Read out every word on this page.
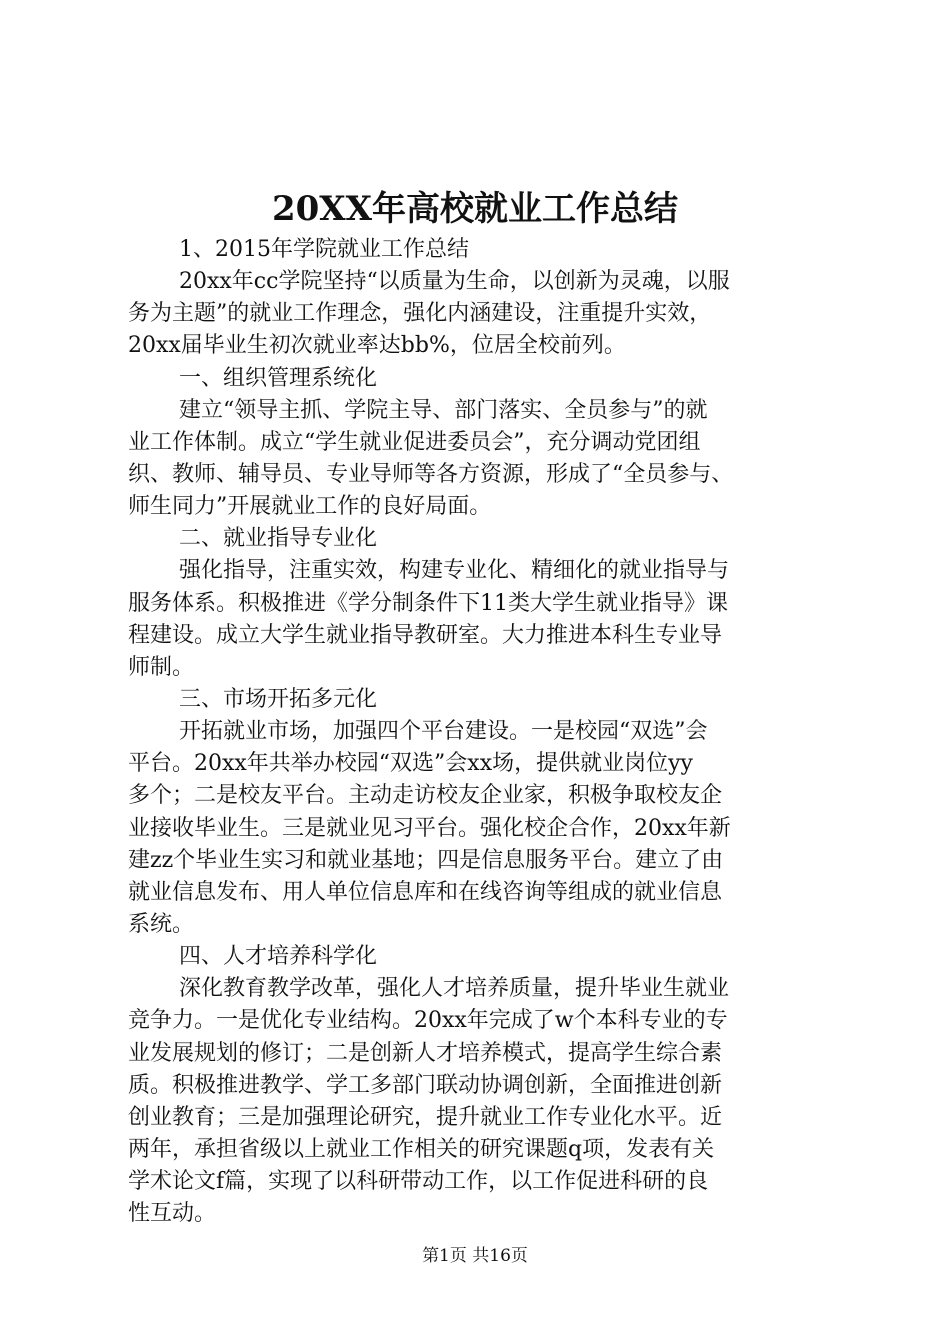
20XX年高校就业工作总结
1、2015年学院就业工作总结
20xx年cc学院坚持“以质量为生命，以创新为灵魂，以服
务为主题”的就业工作理念，强化内涵建设，注重提升实效，
20xx届毕业生初次就业率达bb%，位居全校前列。
一、组织管理系统化
建立“领导主抓、学院主导、部门落实、全员参与”的就
业工作体制。成立“学生就业促进委员会”，充分调动党团组
织、教师、辅导员、专业导师等各方资源，形成了“全员参与、
师生同力”开展就业工作的良好局面。
二、就业指导专业化
强化指导，注重实效，构建专业化、精细化的就业指导与
服务体系。积极推进《学分制条件下11类大学生就业指导》课
程建设。成立大学生就业指导教研室。大力推进本科生专业导
师制。
三、市场开拓多元化
开拓就业市场，加强四个平台建设。一是校园“双选”会
平台。20xx年共举办校园“双选”会xx场，提供就业岗位yy
多个；二是校友平台。主动走访校友企业家，积极争取校友企
业接收毕业生。三是就业见习平台。强化校企合作，20xx年新
建zz个毕业生实习和就业基地；四是信息服务平台。建立了由
就业信息发布、用人单位信息库和在线咨询等组成的就业信息
系统。
四、人才培养科学化
深化教育教学改革，强化人才培养质量，提升毕业生就业
竞争力。一是优化专业结构。20xx年完成了w个本科专业的专
业发展规划的修订；二是创新人才培养模式，提高学生综合素
质。积极推进教学、学工多部门联动协调创新，全面推进创新
创业教育；三是加强理论研究，提升就业工作专业化水平。近
两年，承担省级以上就业工作相关的研究课题q项，发表有关
学术论文f篇，实现了以科研带动工作，以工作促进科研的良
性互动。
第1页 共16页
